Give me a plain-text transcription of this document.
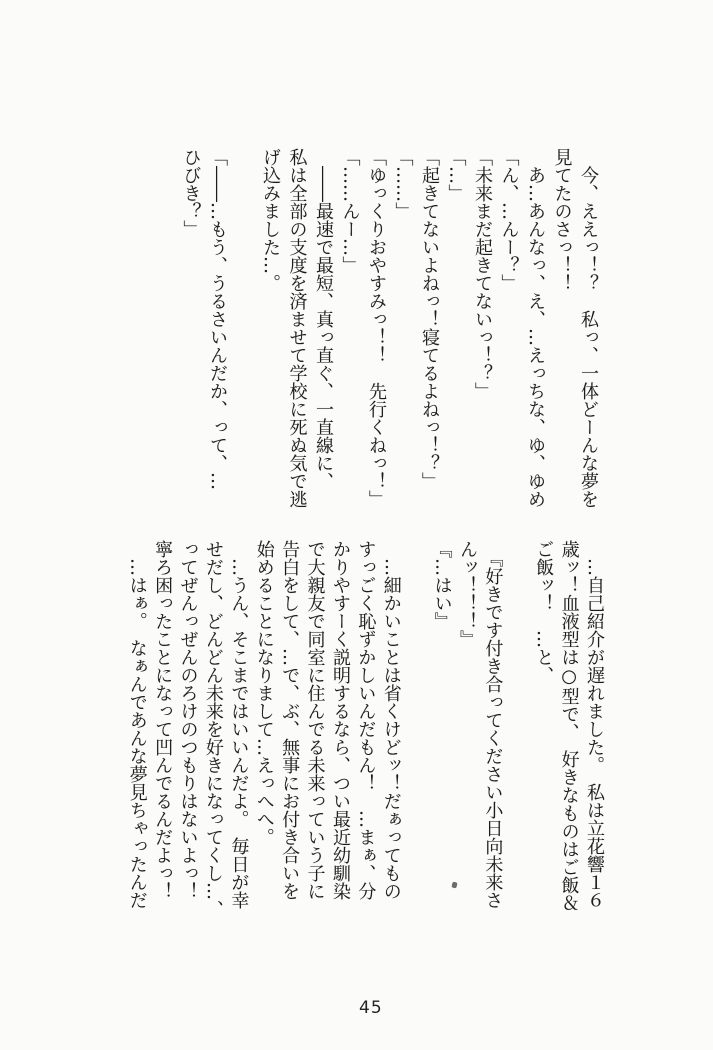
　今、ええっ！？　私っ、一体どーんな夢を

見てたのさっ！！

　あ…あんなっ、え、…えっちな、ゆ、ゆめ

「ん、…んー？」

「未来まだ起きてないっ！？」

「…」

「起きてないよねっ！寝てるよねっ！？」

「……」

「ゆっくりおやすみっ！！　先行くねっ！」

「……んー…」

　――最速で最短、真っ直ぐ、一直線に、

私は全部の支度を済ませて学校に死ぬ気で逃

げ込みました…。

「――…もう、うるさいんだか、って、…

ひびき？」

　…自己紹介が遅れました。　私は立花響１６

歳ッ！血液型は○型で、　好きなものはご飯＆

ご飯ッ！　…と、

　『好きです付き合ってください小日向未来さ

んッ！！！』

『…はい』

　…細かいことは省くけどッ！だぁってもの

すっごく恥ずかしいんだもん！　…まぁ、分

かりやすーく説明するなら、つい最近幼馴染

で大親友で同室に住んでる未来っていう子に

告白をして、…で、ぶ、無事にお付き合いを

始めることになりまして…えっへへ。

　…うん、そこまではいいんだよ。　毎日が幸

せだし、どんどん未来を好きになってくし…、

ってぜんっぜんのろけのつもりはないよっ！

寧ろ困ったことになって凹んでるんだよっ！

　…はぁ。　なぁんであんな夢見ちゃったんだ

45
